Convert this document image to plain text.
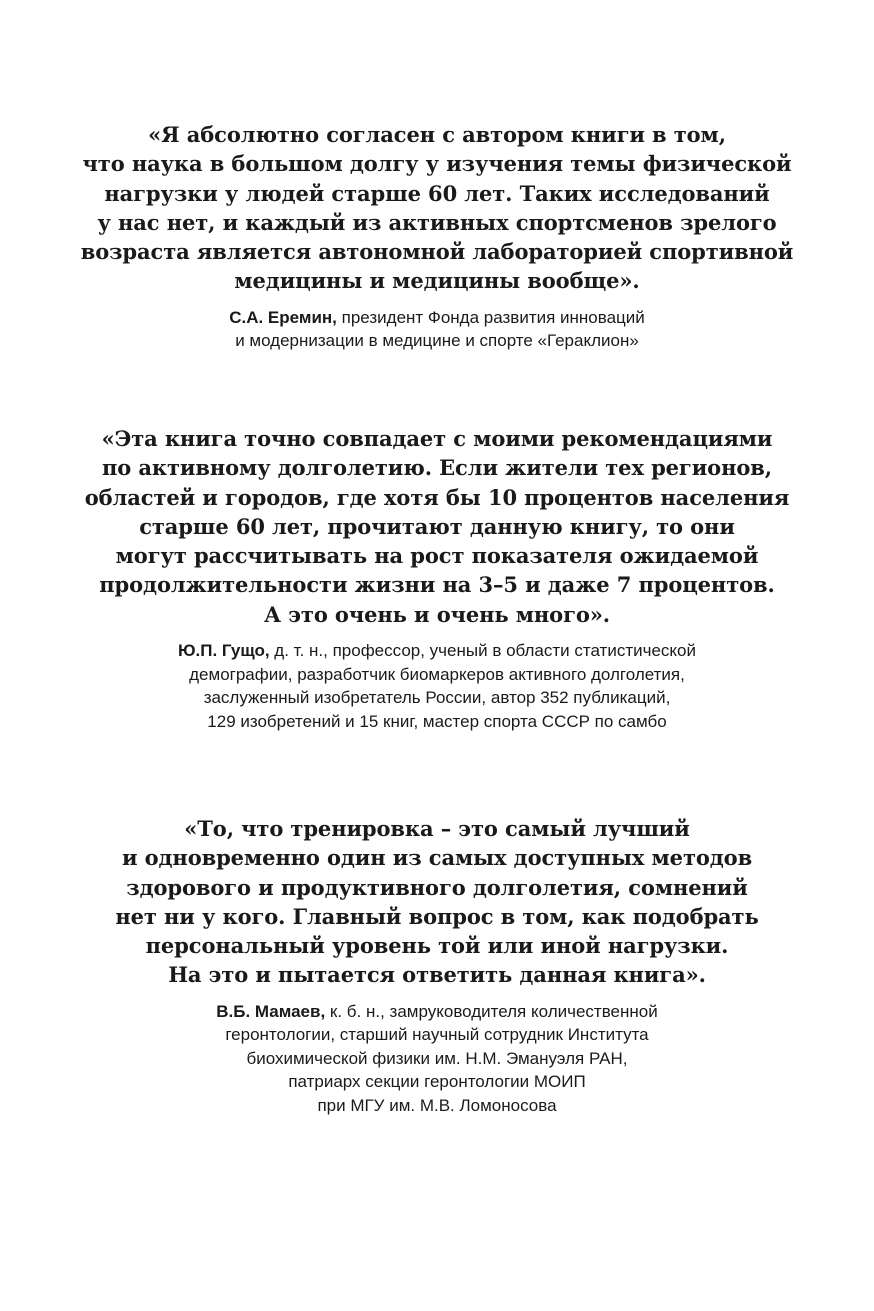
«Я абсолютно согласен с автором книги в том,
что наука в большом долгу у изучения темы физической
нагрузки у людей старше 60 лет. Таких исследований
у нас нет, и каждый из активных спортсменов зрелого
возраста является автономной лабораторией спортивной
медицины и медицины вообще».
С.А. Еремин, президент Фонда развития инноваций
и модернизации в медицине и спорте «Гераклион»
«Эта книга точно совпадает с моими рекомендациями
по активному долголетию. Если жители тех регионов,
областей и городов, где хотя бы 10 процентов населения
старше 60 лет, прочитают данную книгу, то они
могут рассчитывать на рост показателя ожидаемой
продолжительности жизни на 3–5 и даже 7 процентов.
А это очень и очень много».
Ю.П. Гущо, д. т. н., профессор, ученый в области статистической
демографии, разработчик биомаркеров активного долголетия,
заслуженный изобретатель России, автор 352 публикаций,
129 изобретений и 15 книг, мастер спорта СССР по самбо
«То, что тренировка – это самый лучший
и одновременно один из самых доступных методов
здорового и продуктивного долголетия, сомнений
нет ни у кого. Главный вопрос в том, как подобрать
персональный уровень той или иной нагрузки.
На это и пытается ответить данная книга».
В.Б. Мамаев, к. б. н., замруководителя количественной
геронтологии, старший научный сотрудник Института
биохимической физики им. Н.М. Эмануэля РАН,
патриарх секции геронтологии МОИП
при МГУ им. М.В. Ломоносова
